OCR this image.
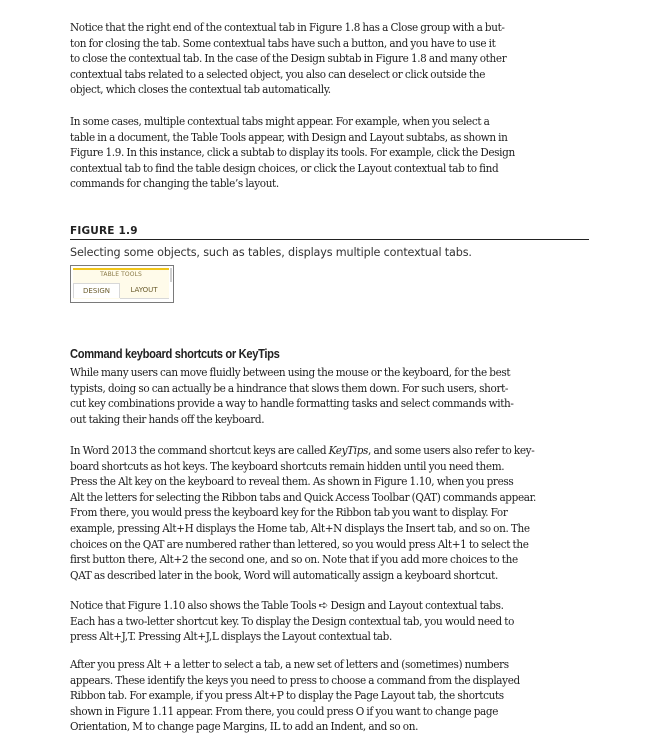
Notice that the right end of the contextual tab in Figure 1.8 has a Close group with a but-
ton for closing the tab. Some contextual tabs have such a button, and you have to use it
to close the contextual tab. In the case of the Design subtab in Figure 1.8 and many other
contextual tabs related to a selected object, you also can deselect or click outside the
object, which closes the contextual tab automatically.

In some cases, multiple contextual tabs might appear. For example, when you select a
table in a document, the Table Tools appear, with Design and Layout subtabs, as shown in
Figure 1.9. In this instance, click a subtab to display its tools. For example, click the Design
contextual tab to find the table design choices, or click the Layout contextual tab to find
commands for changing the table’s layout.

FIGURE 1.9
Selecting some objects, such as tables, displays multiple contextual tabs.
TABLE TOOLS
DESIGN	LAYOUT
Command keyboard shortcuts or KeyTips

While many users can move fluidly between using the mouse or the keyboard, for the best
typists, doing so can actually be a hindrance that slows them down. For such users, short-
cut key combinations provide a way to handle formatting tasks and select commands with-
out taking their hands off the keyboard.

In Word 2013 the command shortcut keys are called KeyTips, and some users also refer to key-
board shortcuts as hot keys. The keyboard shortcuts remain hidden until you need them.
Press the Alt key on the keyboard to reveal them. As shown in Figure 1.10, when you press
Alt the letters for selecting the Ribbon tabs and Quick Access Toolbar (QAT) commands appear.
From there, you would press the keyboard key for the Ribbon tab you want to display. For
example, pressing Alt+H displays the Home tab, Alt+N displays the Insert tab, and so on. The
choices on the QAT are numbered rather than lettered, so you would press Alt+1 to select the
first button there, Alt+2 the second one, and so on. Note that if you add more choices to the
QAT as described later in the book, Word will automatically assign a keyboard shortcut.

Notice that Figure 1.10 also shows the Table Tools ➪ Design and Layout contextual tabs.
Each has a two-letter shortcut key. To display the Design contextual tab, you would need to
press Alt+J,T. Pressing Alt+J,L displays the Layout contextual tab.

After you press Alt + a letter to select a tab, a new set of letters and (sometimes) numbers
appears. These identify the keys you need to press to choose a command from the displayed
Ribbon tab. For example, if you press Alt+P to display the Page Layout tab, the shortcuts
shown in Figure 1.11 appear. From there, you could press O if you want to change page
Orientation, M to change page Margins, IL to add an Indent, and so on.
